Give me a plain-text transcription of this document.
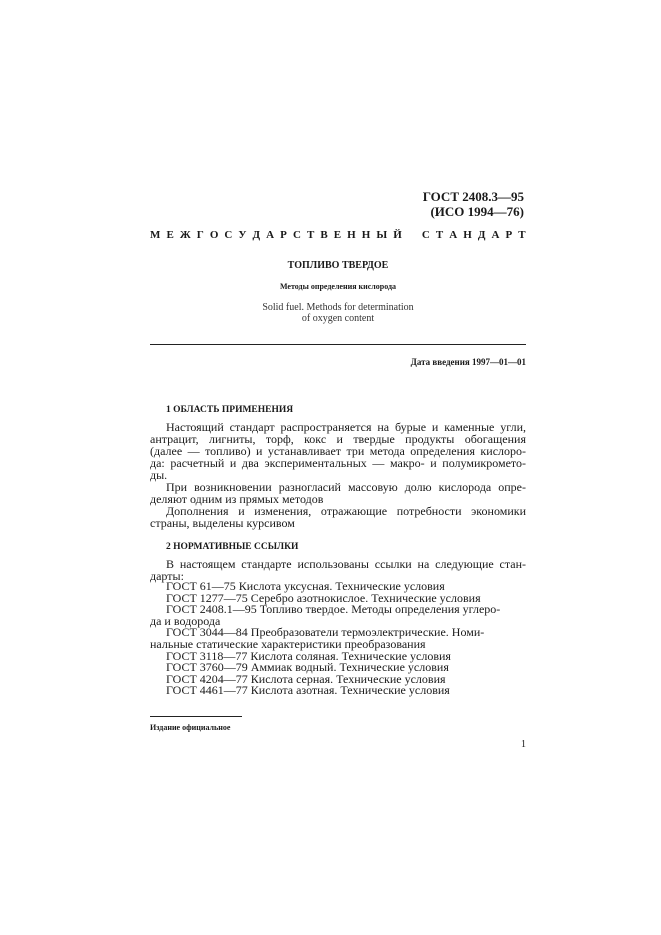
ГОСТ 2408.3—95
(ИСО 1994—76)
М Е Ж Г О С У Д А Р С Т В Е Н Н Ы Й С Т А Н Д А Р Т
ТОПЛИВО ТВЕРДОЕ
Методы определения кислорода
Solid fuel. Methods for determination
of oxygen content
Дата введения 1997—01—01
1 ОБЛАСТЬ ПРИМЕНЕНИЯ

Настоящий стандарт распространяется на бурые и каменные угли,

антрацит, лигниты, торф, кокс и твердые продукты обогащения

(далее — топливо) и устанавливает три метода определения кислоро-

да: расчетный и два экспериментальных — макро- и полумикромето-

ды.

При возникновении разногласий массовую долю кислорода опре-

деляют одним из прямых методов

Дополнения и изменения, отражающие потребности экономики

страны, выделены курсивом

2 НОРМАТИВНЫЕ ССЫЛКИ

В настоящем стандарте использованы ссылки на следующие стан-

дарты:

ГОСТ 61—75 Кислота уксусная. Технические условия ГОСТ 1277—75 Серебро азотнокислое. Технические условия ГОСТ 2408.1—95 Топливо твердое. Методы определения углеро-
да и водорода
ГОСТ 3044—84 Преобразователи термоэлектрические. Номи-
нальные статические характеристики преобразования
ГОСТ 3118—77 Кислота соляная. Технические условия ГОСТ 3760—79 Аммиак водный. Технические условия ГОСТ 4204—77 Кислота серная. Технические условия ГОСТ 4461—77 Кислота азотная. Технические условия
Издание официальное
1
